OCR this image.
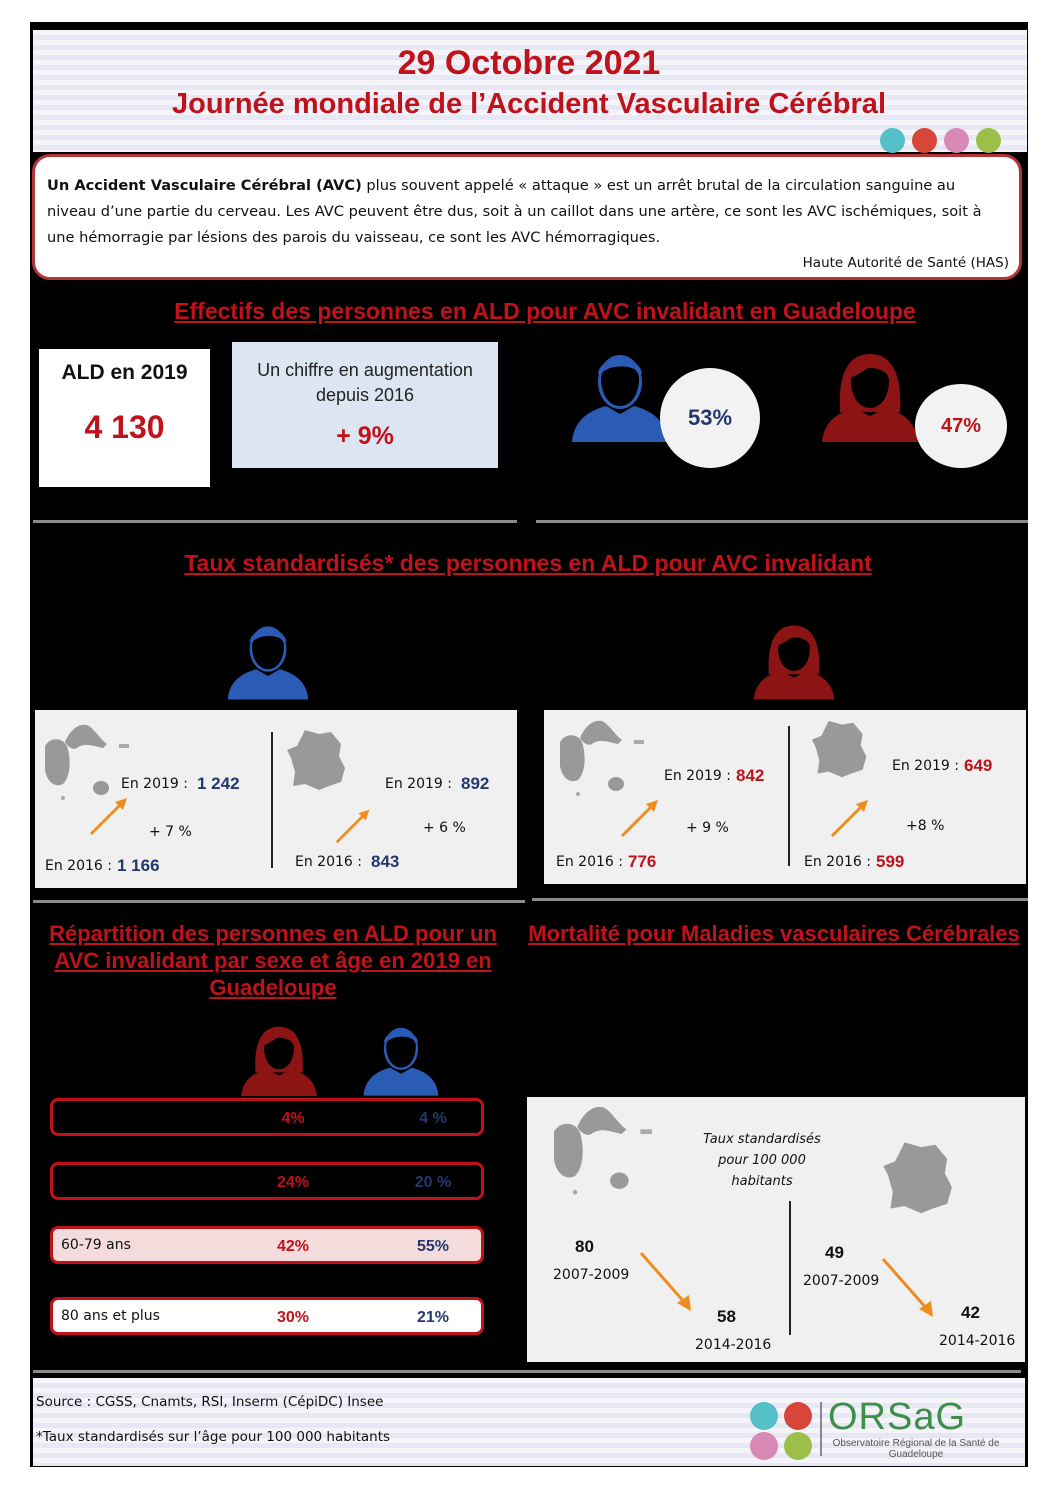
29 Octobre 2021
Journée mondiale de l’Accident Vasculaire Cérébral
Un Accident Vasculaire Cérébral (AVC) plus souvent appelé « attaque » est un arrêt brutal de la circulation sanguine au niveau d’une partie du cerveau. Les AVC peuvent être dus, soit à un caillot dans une artère, ce sont les AVC ischémiques, soit à une hémorragie par lésions des parois du vaisseau, ce sont les AVC hémorragiques.
Haute Autorité de Santé (HAS)
Effectifs des personnes en ALD pour AVC invalidant en Guadeloupe
ALD en 2019
4 130
Un chiffre en augmentation depuis 2016
+ 9%
53%	47%
Taux standardisés* des personnes en ALD pour AVC invalidant
En 2019 : 1 242
+ 7 %
En 2016 : 1 166
En 2019 : 892
+ 6 %
En 2016 : 843
En 2019 : 842
+ 9 %
En 2016 : 776
En 2019 : 649
+8 %
En 2016 : 599
Répartition des personnes en ALD pour un AVC invalidant par sexe et âge en 2019 en Guadeloupe
4%	4 %
24%	20 %
60-79 ans	42%	55%
80 ans et plus	30%	21%
Mortalité pour Maladies vasculaires Cérébrales
Taux standardisés pour 100 000 habitants
80
2007-2009
58
2014-2016
49
2007-2009
42
2014-2016
Source : CGSS, Cnamts, RSI, Inserm (CépiDC) Insee
*Taux standardisés sur l’âge pour 100 000 habitants	ORSaG
Observatoire Régional de la Santé de Guadeloupe
